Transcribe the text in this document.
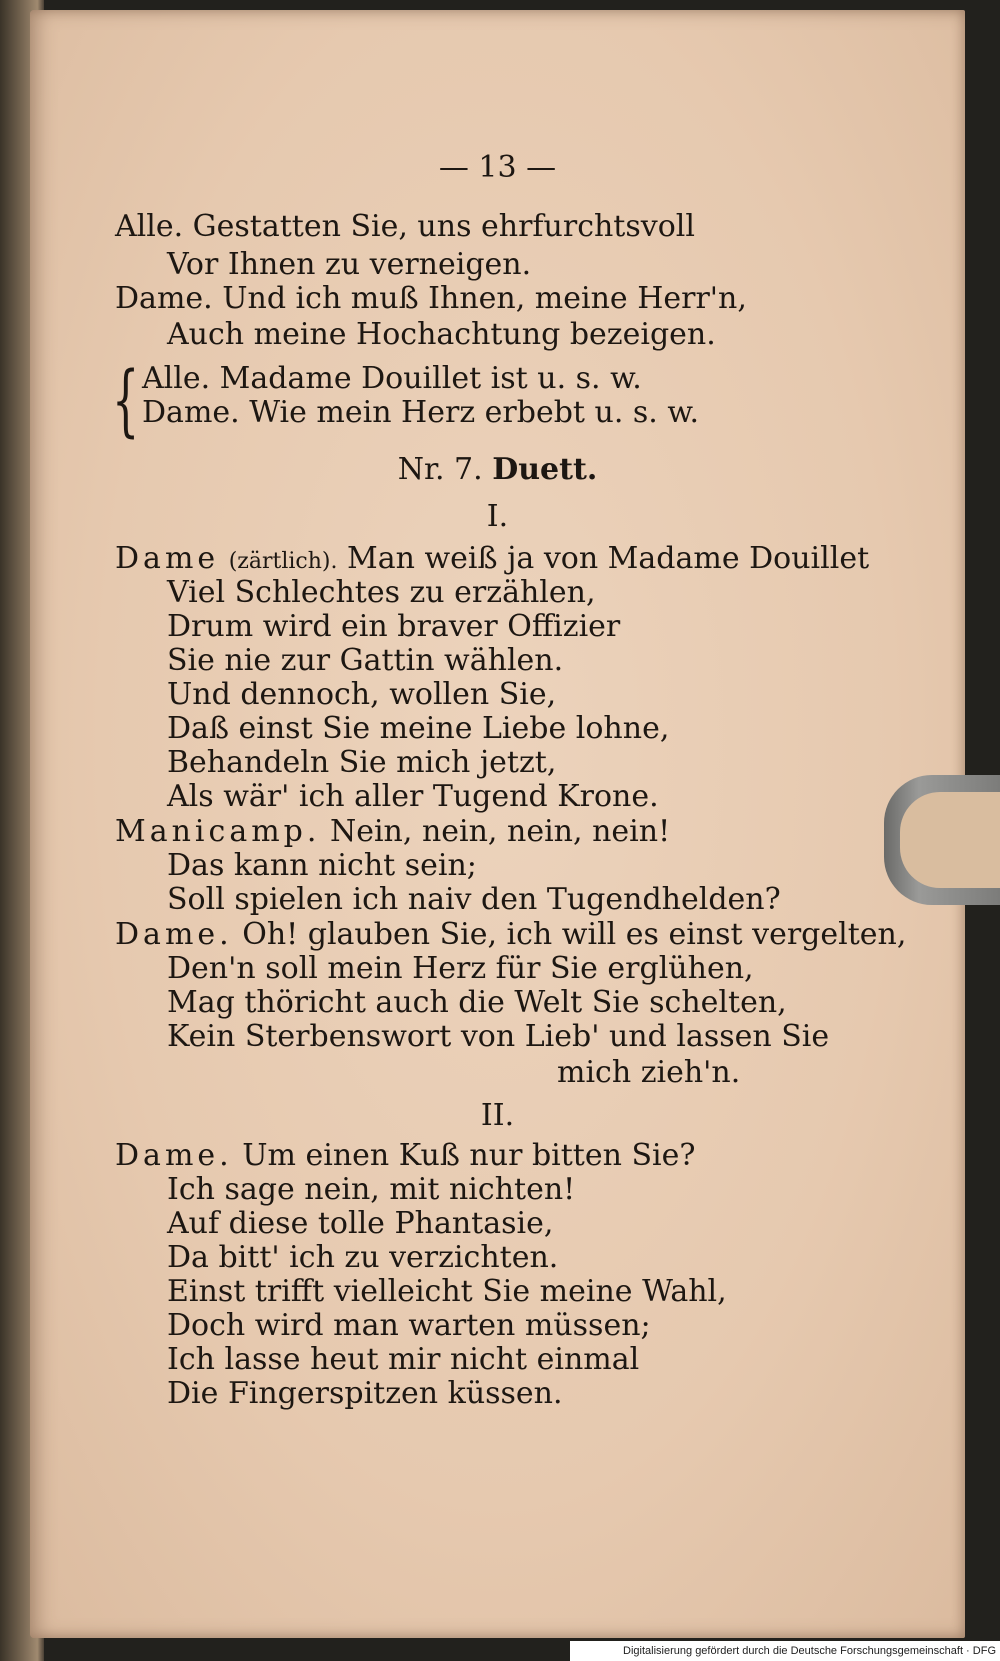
— 13 —
Alle. Gestatten Sie, uns ehrfurchtsvoll
Vor Ihnen zu verneigen.
Dame. Und ich muß Ihnen, meine Herr'n,
Auch meine Hochachtung bezeigen.
{ Alle. Madame Douillet ist u. s. w.
Dame. Wie mein Herz erbebt u. s. w.
Nr. 7. Duett.
I.
Dame (zärtlich). Man weiß ja von Madame Douillet
Viel Schlechtes zu erzählen,
Drum wird ein braver Offizier
Sie nie zur Gattin wählen.
Und dennoch, wollen Sie,
Daß einst Sie meine Liebe lohne,
Behandeln Sie mich jetzt,
Als wär' ich aller Tugend Krone.
Manicamp. Nein, nein, nein, nein!
Das kann nicht sein;
Soll spielen ich naiv den Tugendhelden?
Dame. Oh! glauben Sie, ich will es einst vergelten,
Den'n soll mein Herz für Sie erglühen,
Mag thöricht auch die Welt Sie schelten,
Kein Sterbenswort von Lieb' und lassen Sie
mich zieh'n.
II.
Dame. Um einen Kuß nur bitten Sie?
Ich sage nein, mit nichten!
Auf diese tolle Phantasie,
Da bitt' ich zu verzichten.
Einst trifft vielleicht Sie meine Wahl,
Doch wird man warten müssen;
Ich lasse heut mir nicht einmal
Die Fingerspitzen küssen.
Digitalisierung gefördert durch die Deutsche Forschungsgemeinschaft · DFG
